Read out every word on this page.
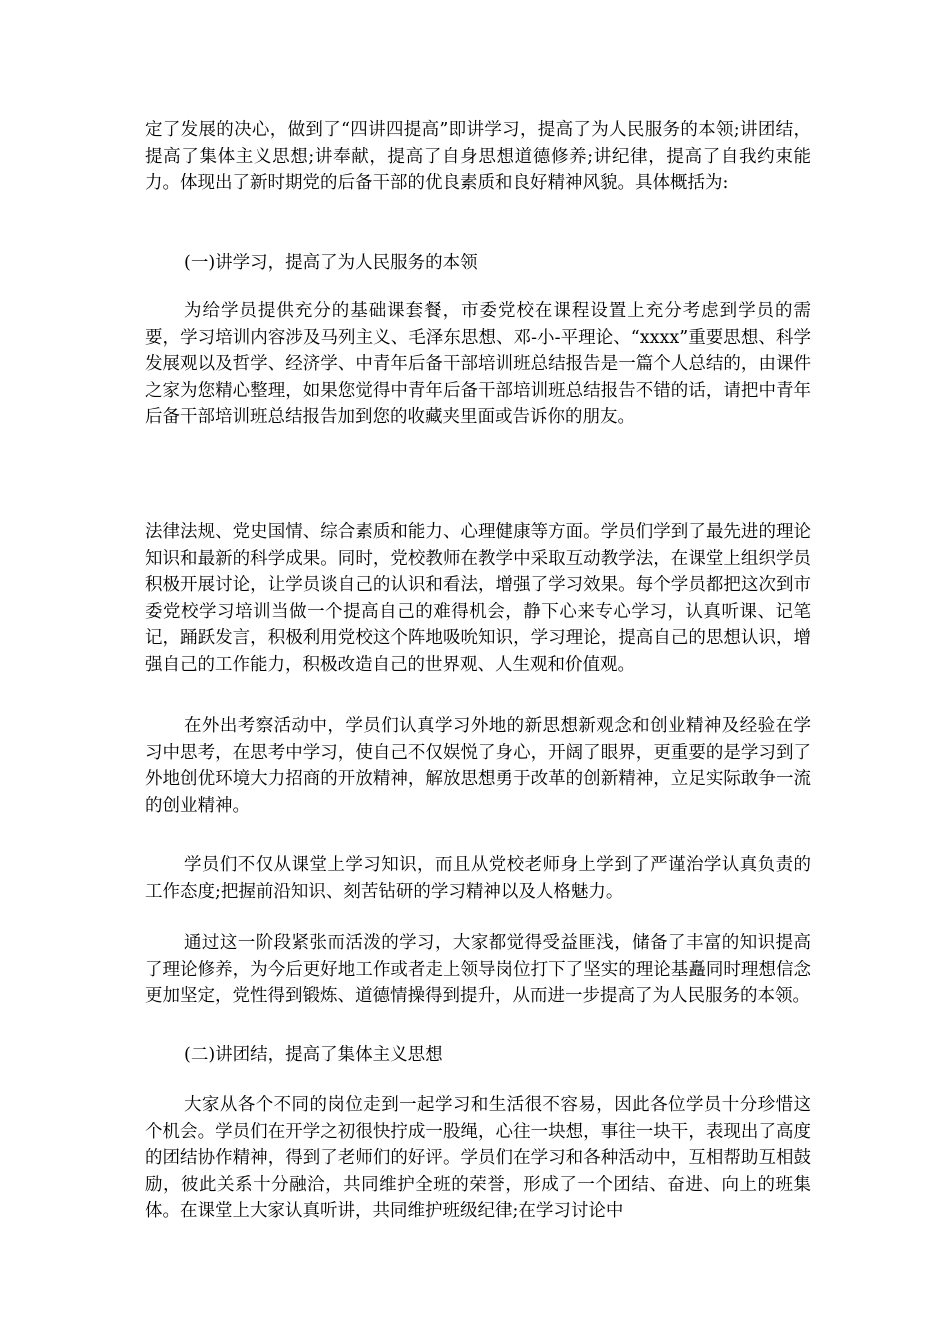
定了发展的决心，做到了“四讲四提高”即讲学习，提高了为人民服务的本领;讲团结，提高了集体主义思想;讲奉献，提高了自身思想道德修养;讲纪律，提高了自我约束能力。体现出了新时期党的后备干部的优良素质和良好精神风貌。具体概括为:

(一)讲学习，提高了为人民服务的本领

为给学员提供充分的基础课套餐，市委党校在课程设置上充分考虑到学员的需要，学习培训内容涉及马列主义、毛泽东思想、邓-小-平理论、“xxxx”重要思想、科学发展观以及哲学、经济学、中青年后备干部培训班总结报告是一篇个人总结的，由课件之家为您精心整理，如果您觉得中青年后备干部培训班总结报告不错的话，请把中青年后备干部培训班总结报告加到您的收藏夹里面或告诉你的朋友。

法律法规、党史国情、综合素质和能力、心理健康等方面。学员们学到了最先进的理论知识和最新的科学成果。同时，党校教师在教学中采取互动教学法，在课堂上组织学员积极开展讨论，让学员谈自己的认识和看法，增强了学习效果。每个学员都把这次到市委党校学习培训当做一个提高自己的难得机会，静下心来专心学习，认真听课、记笔记，踊跃发言，积极利用党校这个阵地吸吮知识，学习理论，提高自己的思想认识，增强自己的工作能力，积极改造自己的世界观、人生观和价值观。

在外出考察活动中，学员们认真学习外地的新思想新观念和创业精神及经验在学习中思考，在思考中学习，使自己不仅娱悦了身心，开阔了眼界，更重要的是学习到了外地创优环境大力招商的开放精神，解放思想勇于改革的创新精神，立足实际敢争一流的创业精神。

学员们不仅从课堂上学习知识，而且从党校老师身上学到了严谨治学认真负责的工作态度;把握前沿知识、刻苦钻研的学习精神以及人格魅力。

通过这一阶段紧张而活泼的学习，大家都觉得受益匪浅，储备了丰富的知识提高了理论修养，为今后更好地工作或者走上领导岗位打下了坚实的理论基矗同时理想信念更加坚定，党性得到锻炼、道德情操得到提升，从而进一步提高了为人民服务的本领。

(二)讲团结，提高了集体主义思想

大家从各个不同的岗位走到一起学习和生活很不容易，因此各位学员十分珍惜这个机会。学员们在开学之初很快拧成一股绳，心往一块想，事往一块干，表现出了高度的团结协作精神，得到了老师们的好评。学员们在学习和各种活动中，互相帮助互相鼓励，彼此关系十分融洽，共同维护全班的荣誉，形成了一个团结、奋进、向上的班集体。在课堂上大家认真听讲，共同维护班级纪律;在学习讨论中
